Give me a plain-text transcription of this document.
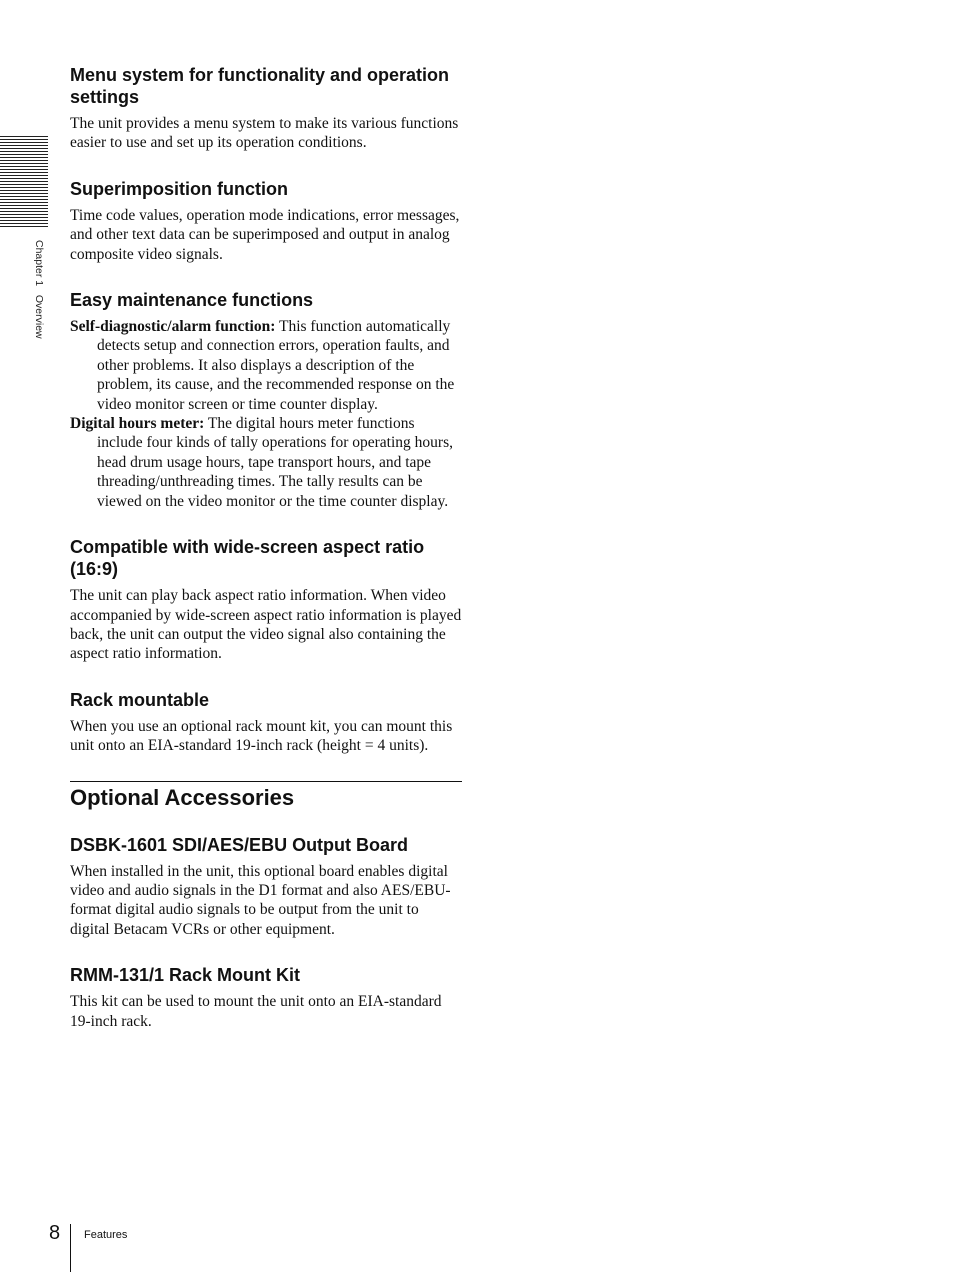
Chapter 1   Overview
Menu system for functionality and operation settings

The unit provides a menu system to make its various functions easier to use and set up its operation conditions.

Superimposition function

Time code values, operation mode indications, error messages, and other text data can be superimposed and output in analog composite video signals.

Easy maintenance functions

Self-diagnostic/alarm function: This function automatically detects setup and connection errors, operation faults, and other problems. It also displays a description of the problem, its cause, and the recommended response on the video monitor screen or time counter display.

Digital hours meter: The digital hours meter functions include four kinds of tally operations for operating hours, head drum usage hours, tape transport hours, and tape threading/unthreading times. The tally results can be viewed on the video monitor or the time counter display.

Compatible with wide-screen aspect ratio (16:9)

The unit can play back aspect ratio information. When video accompanied by wide-screen aspect ratio information is played back, the unit can output the video signal also containing the aspect ratio information.

Rack mountable

When you use an optional rack mount kit, you can mount this unit onto an EIA-standard 19-inch rack (height = 4 units).

Optional Accessories
DSBK-1601 SDI/AES/EBU Output Board

When installed in the unit, this optional board enables digital video and audio signals in the D1 format and also AES/EBU-format digital audio signals to be output from the unit to digital Betacam VCRs or other equipment.

RMM-131/1 Rack Mount Kit

This kit can be used to mount the unit onto an EIA-standard 19-inch rack.

8 Features
